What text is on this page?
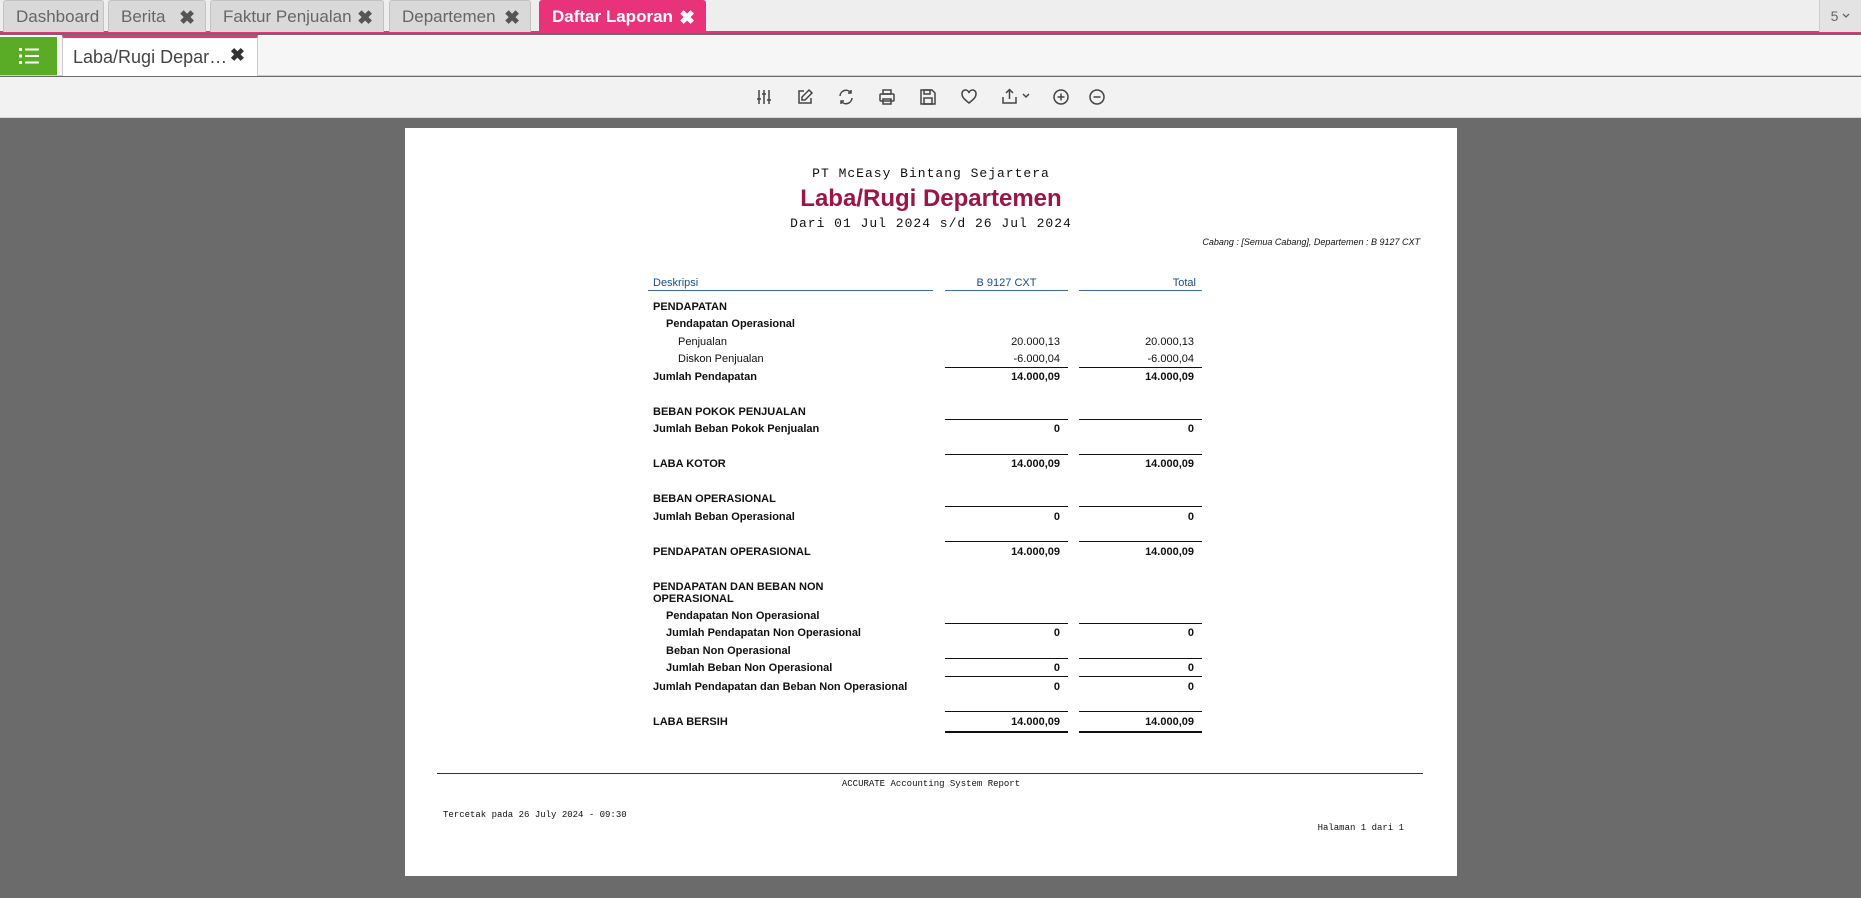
Dashboard Berita ✖ Faktur Penjualan ✖ Departemen ✖ Daftar Laporan ✖	5
Laba/Rugi Depar… ✖
PT McEasy Bintang Sejartera
Laba/Rugi Departemen
Dari 01 Jul 2024 s/d 26 Jul 2024
Cabang : [Semua Cabang], Departemen : B 9127 CXT
Deskripsi	B 9127 CXT	Total
PENDAPATAN
Pendapatan Operasional
Penjualan	20.000,13	20.000,13
Diskon Penjualan	-6.000,04	-6.000,04
Jumlah Pendapatan	14.000,09	14.000,09
BEBAN POKOK PENJUALAN
Jumlah Beban Pokok Penjualan	0	0
LABA KOTOR	14.000,09	14.000,09
BEBAN OPERASIONAL
Jumlah Beban Operasional	0	0
PENDAPATAN OPERASIONAL	14.000,09	14.000,09
PENDAPATAN DAN BEBAN NON
OPERASIONAL
Pendapatan Non Operasional
Jumlah Pendapatan Non Operasional	0	0
Beban Non Operasional
Jumlah Beban Non Operasional	0	0
Jumlah Pendapatan dan Beban Non Operasional	0	0
LABA BERSIH	14.000,09	14.000,09
ACCURATE Accounting System Report
Tercetak pada 26 July 2024 - 09:30
Halaman 1 dari 1
